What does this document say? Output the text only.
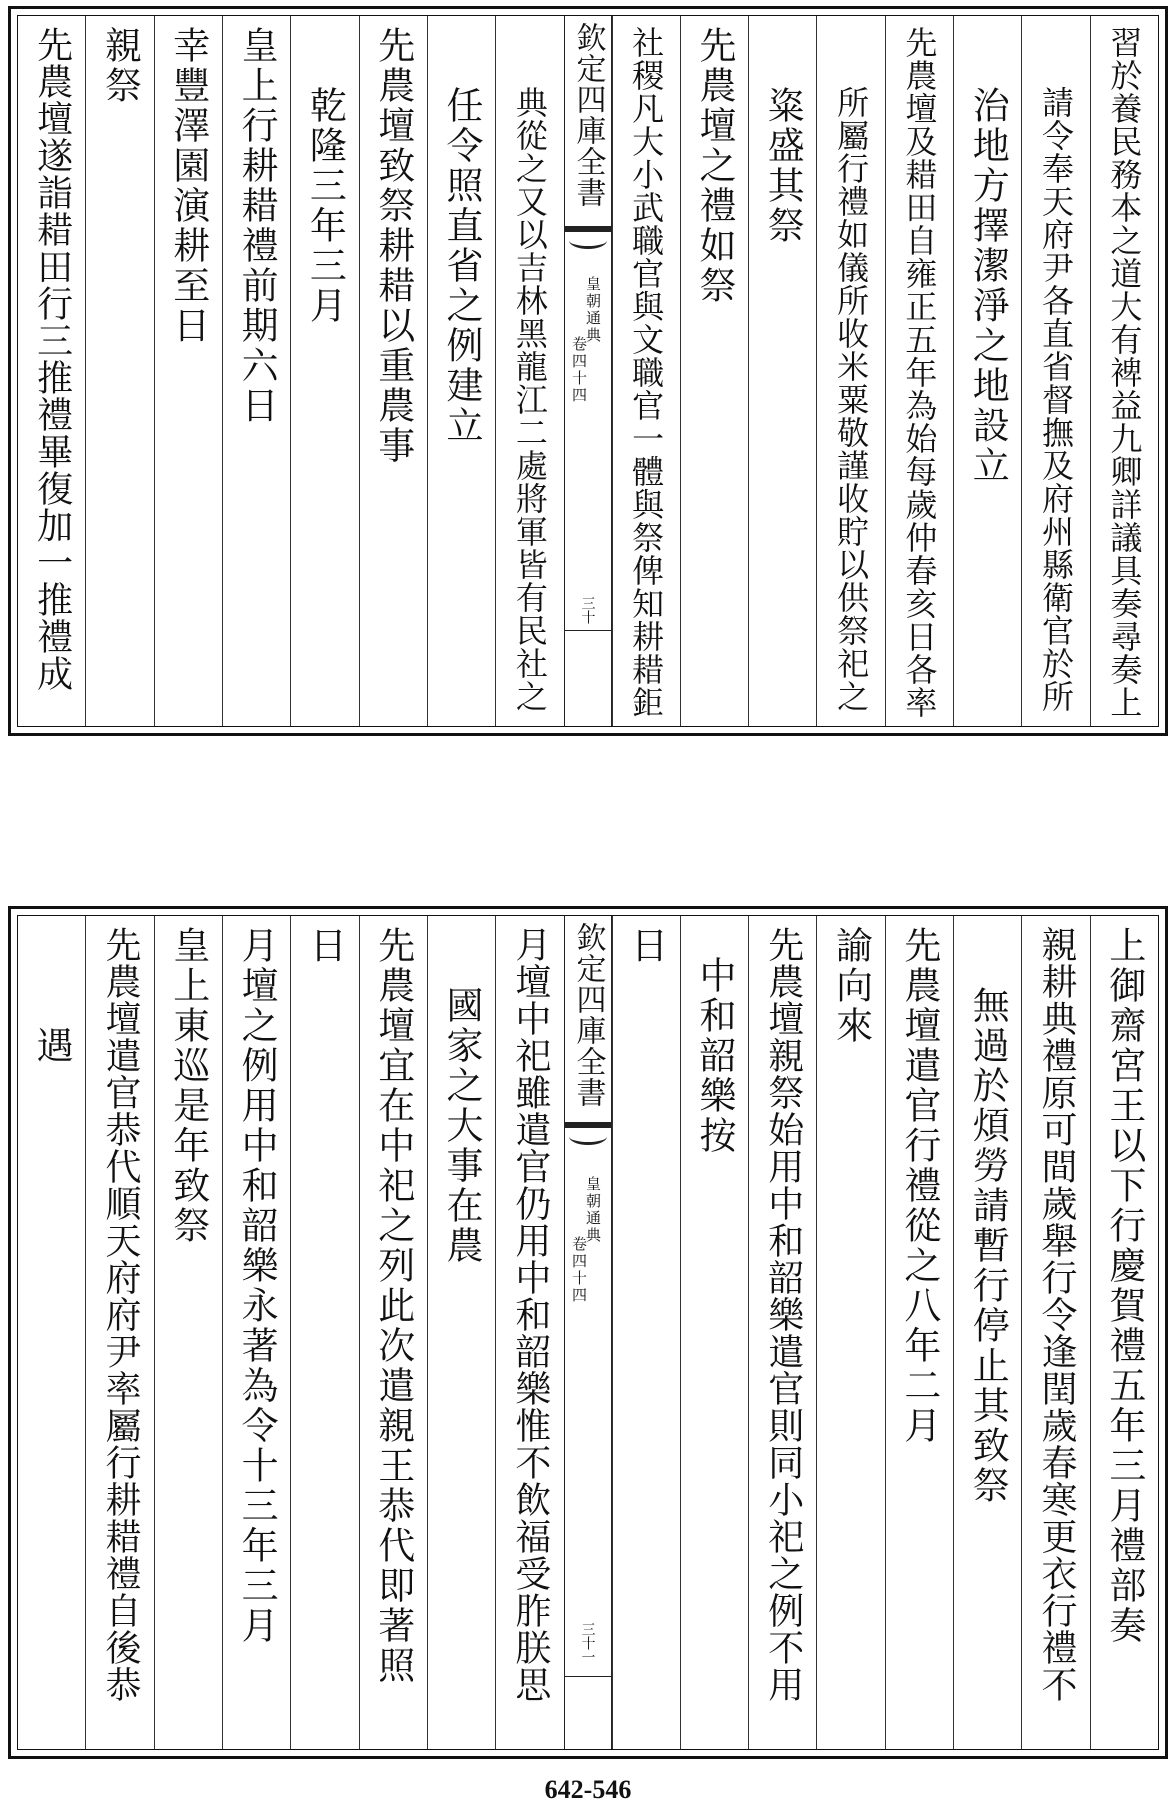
習於養民務本之道大有裨益九卿詳議具奏尋奏上
請令奉天府尹各直省督撫及府州縣衛官於所
治地方擇潔淨之地設立
先農壇及耤田自雍正五年為始每歲仲春亥日各率
所屬行禮如儀所收米粟敬謹收貯以供祭祀之
粢盛其祭
先農壇之禮如祭
社稷凡大小武職官與文職官一體與祭俾知耕耤鉅
欽定四庫全書
皇朝通典
卷四十四
三十
典從之又以吉林黑龍江二處將軍皆有民社之
任令照直省之例建立
先農壇致祭耕耤以重農事
乾隆三年三月
皇上行耕耤禮前期六日
幸豐澤園演耕至日
親祭
先農壇遂詣耤田行三推禮畢復加一推禮成
上御齋宮王以下行慶賀禮五年三月禮部奏
親耕典禮原可間歲舉行令逢閏歲春寒更衣行禮不
無過於煩勞請暫行停止其致祭
先農壇遣官行禮從之八年二月
諭向來
先農壇親祭始用中和韶樂遣官則同小祀之例不用
中和韶樂按
日
欽定四庫全書
皇朝通典
卷四十四
三十一
月壇中祀雖遣官仍用中和韶樂惟不飲福受胙朕思
國家之大事在農
先農壇宜在中祀之列此次遣親王恭代即著照
日
月壇之例用中和韶樂永著為令十三年三月
皇上東巡是年致祭
先農壇遣官恭代順天府府尹率屬行耕耤禮自後恭
遇
642-546
